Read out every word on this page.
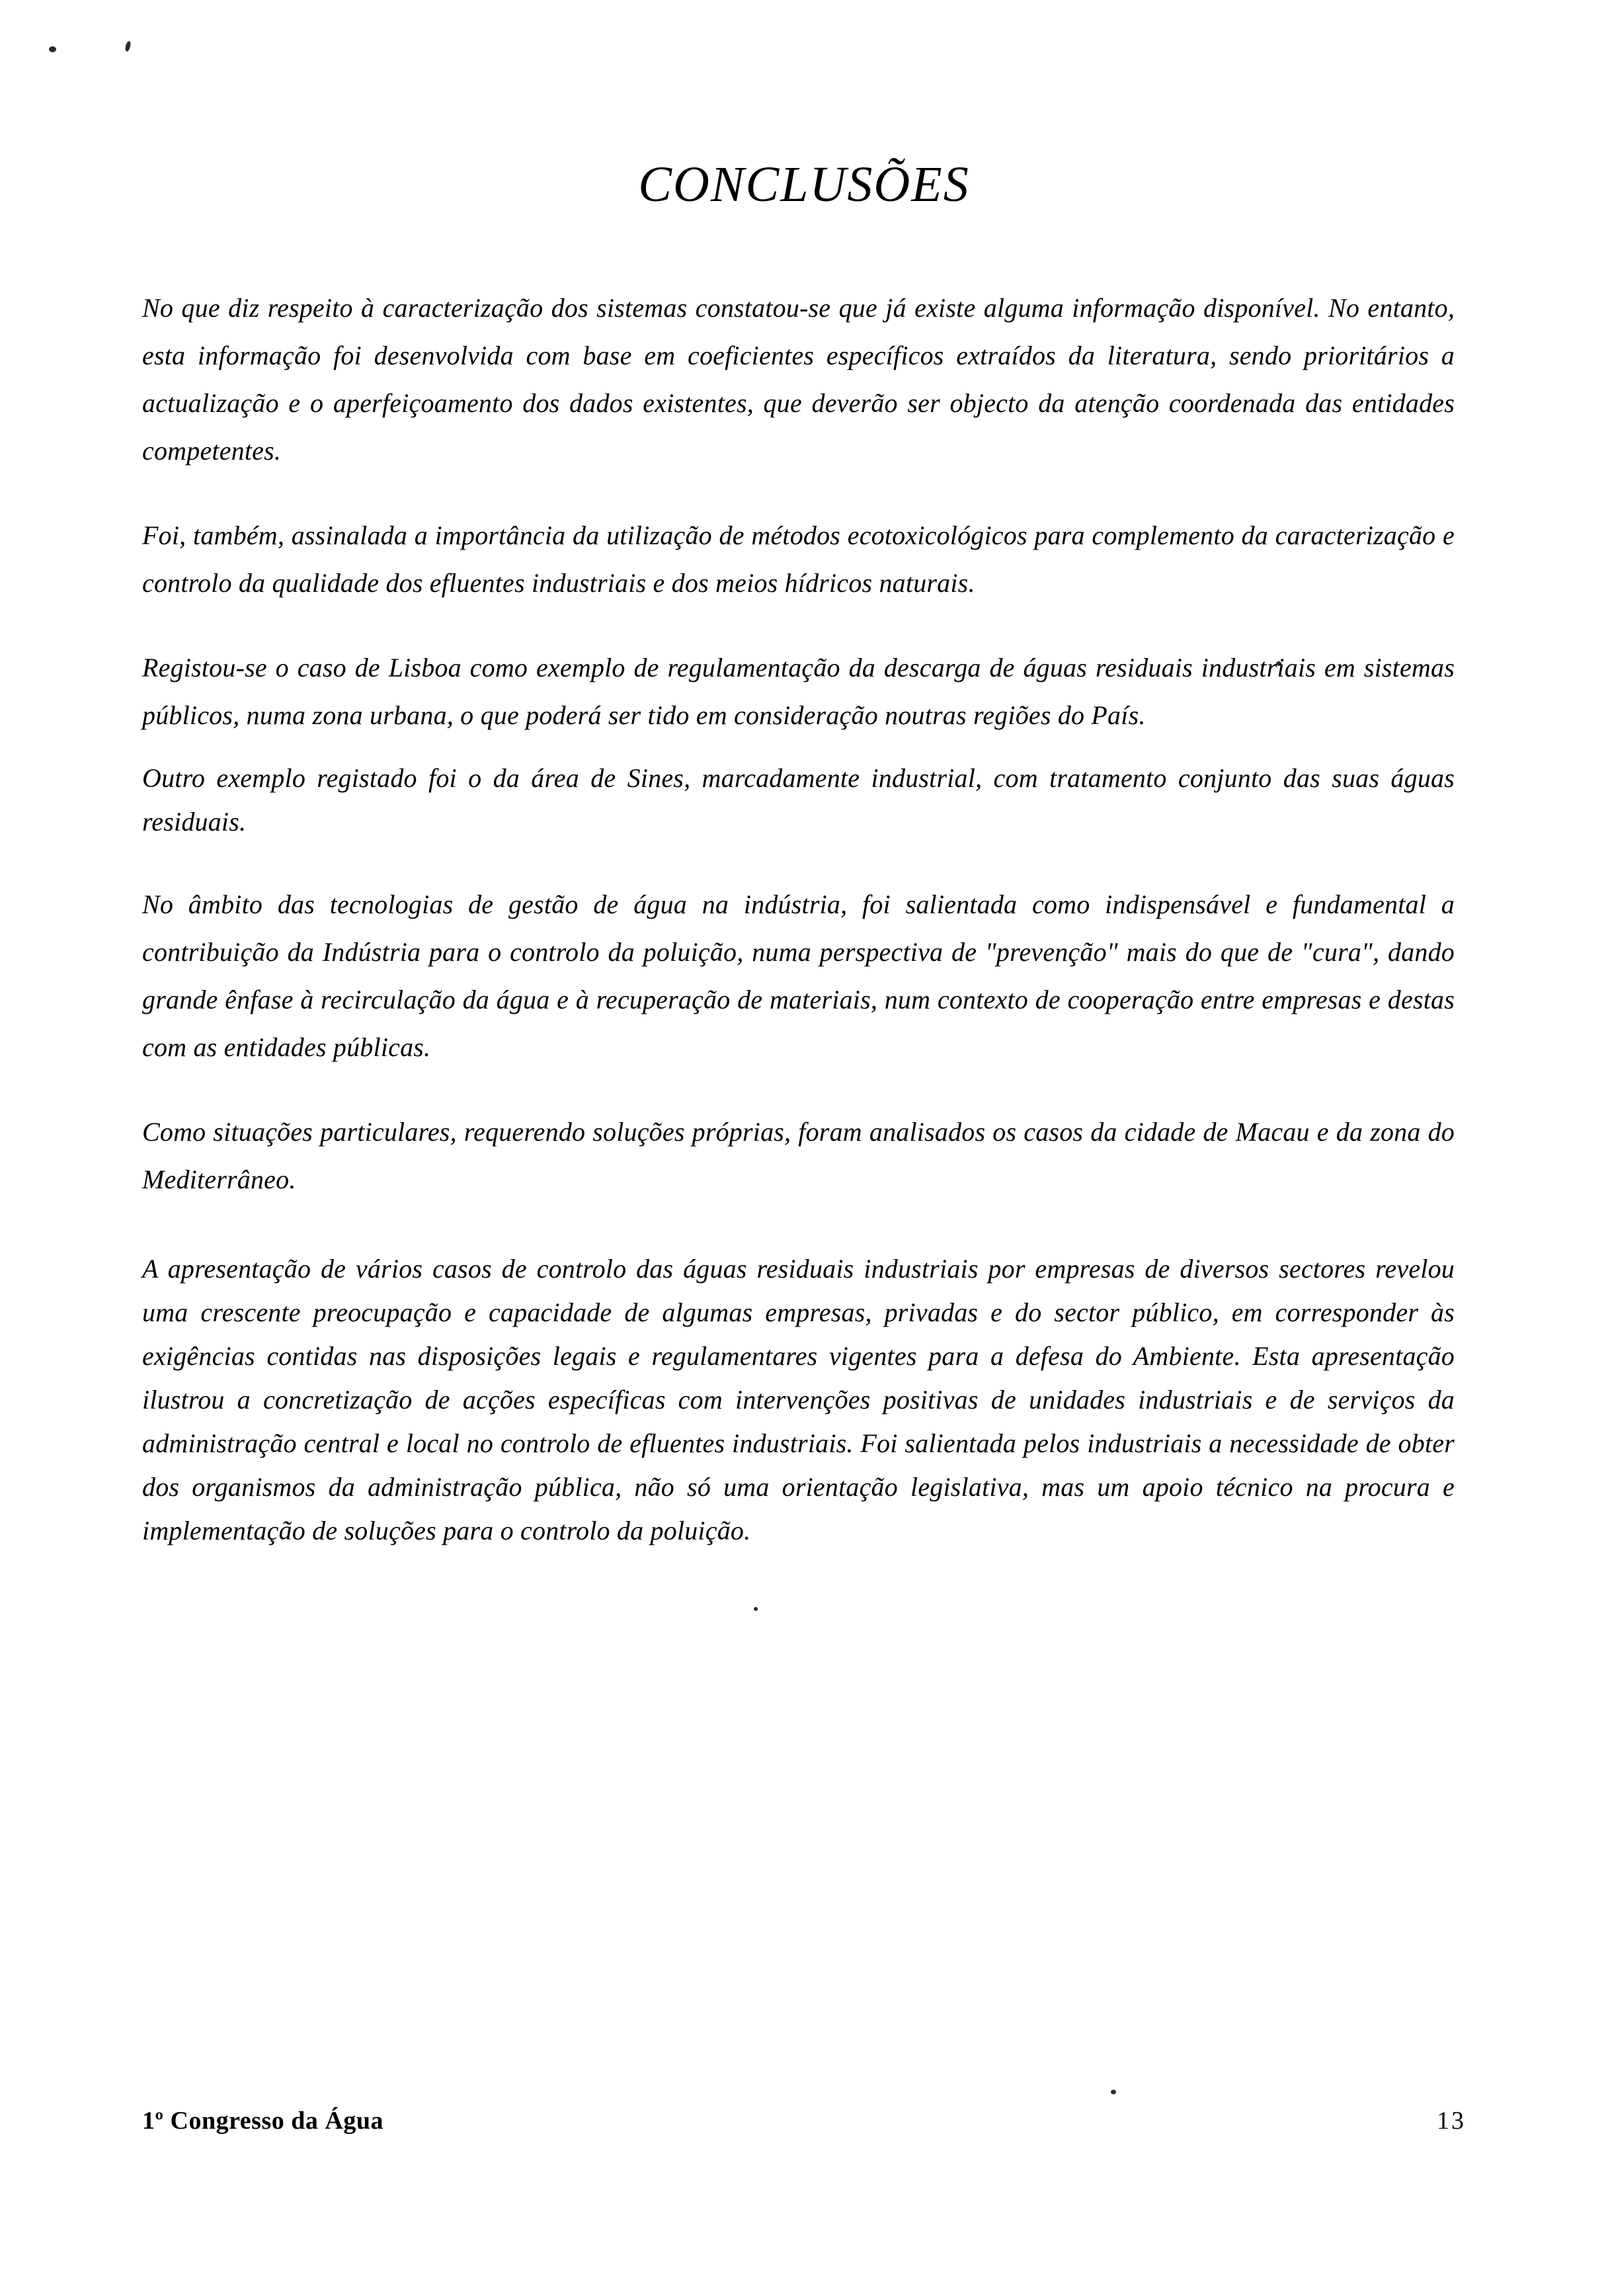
CONCLUSÕES

No que diz respeito à caracterização dos sistemas constatou-se que já existe alguma informação disponível. No entanto, esta informação foi desenvolvida com base em coeficientes específicos extraídos da literatura, sendo prioritários a actualização e o aperfeiçoamento dos dados existentes, que deverão ser objecto da atenção coordenada das entidades competentes.

Foi, também, assinalada a importância da utilização de métodos ecotoxicológicos para complemento da caracterização e controlo da qualidade dos efluentes industriais e dos meios hídricos naturais.

Registou-se o caso de Lisboa como exemplo de regulamentação da descarga de águas residuais industriais em sistemas públicos, numa zona urbana, o que poderá ser tido em consideração noutras regiões do País.

Outro exemplo registado foi o da área de Sines, marcadamente industrial, com tratamento conjunto das suas águas residuais.

No âmbito das tecnologias de gestão de água na indústria, foi salientada como indispensável e fundamental a contribuição da Indústria para o controlo da poluição, numa perspectiva de "prevenção" mais do que de "cura", dando grande ênfase à recirculação da água e à recuperação de materiais, num contexto de cooperação entre empresas e destas com as entidades públicas.

Como situações particulares, requerendo soluções próprias, foram analisados os casos da cidade de Macau e da zona do Mediterrâneo.

A apresentação de vários casos de controlo das águas residuais industriais por empresas de diversos sectores revelou uma crescente preocupação e capacidade de algumas empresas, privadas e do sector público, em corresponder às exigências contidas nas disposições legais e regulamentares vigentes para a defesa do Ambiente. Esta apresentação ilustrou a concretização de acções específicas com intervenções positivas de unidades industriais e de serviços da administração central e local no controlo de efluentes industriais. Foi salientada pelos industriais a necessidade de obter dos organismos da administração pública, não só uma orientação legislativa, mas um apoio técnico na procura e implementação de soluções para o controlo da poluição.

1º Congresso da Água	13
